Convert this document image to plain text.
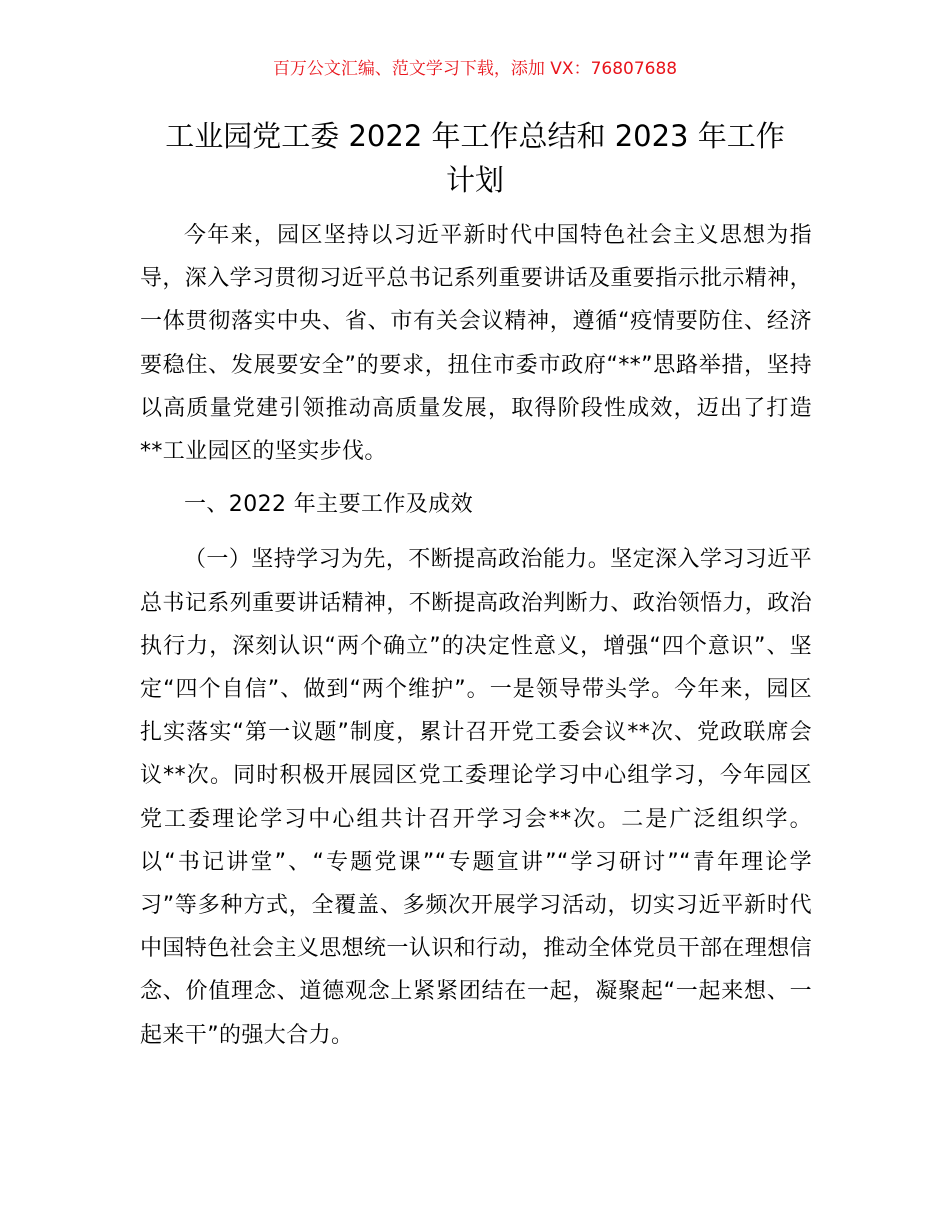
百万公文汇编、范文学习下载，添加 VX：76807688
工业园党工委 2022 年工作总结和 2023 年工作
计划

今年来，园区坚持以习近平新时代中国特色社会主义思想为指导，深入学习贯彻习近平总书记系列重要讲话及重要指示批示精神，一体贯彻落实中央、省、市有关会议精神，遵循“疫情要防住、经济要稳住、发展要安全”的要求，扭住市委市政府“**”思路举措，坚持以高质量党建引领推动高质量发展，取得阶段性成效，迈出了打造**工业园区的坚实步伐。

一、2022 年主要工作及成效

（一）坚持学习为先，不断提高政治能力。坚定深入学习习近平总书记系列重要讲话精神，不断提高政治判断力、政治领悟力，政治执行力，深刻认识“两个确立”的决定性意义，增强“四个意识”、坚定“四个自信”、做到“两个维护”。一是领导带头学。今年来，园区扎实落实“第一议题”制度，累计召开党工委会议**次、党政联席会议**次。同时积极开展园区党工委理论学习中心组学习，今年园区党工委理论学习中心组共计召开学习会**次。二是广泛组织学。以“书记讲堂”、“专题党课”“专题宣讲”“学习研讨”“青年理论学习”等多种方式，全覆盖、多频次开展学习活动，切实习近平新时代中国特色社会主义思想统一认识和行动，推动全体党员干部在理想信念、价值理念、道德观念上紧紧团结在一起，凝聚起“一起来想、一起来干”的强大合力。
